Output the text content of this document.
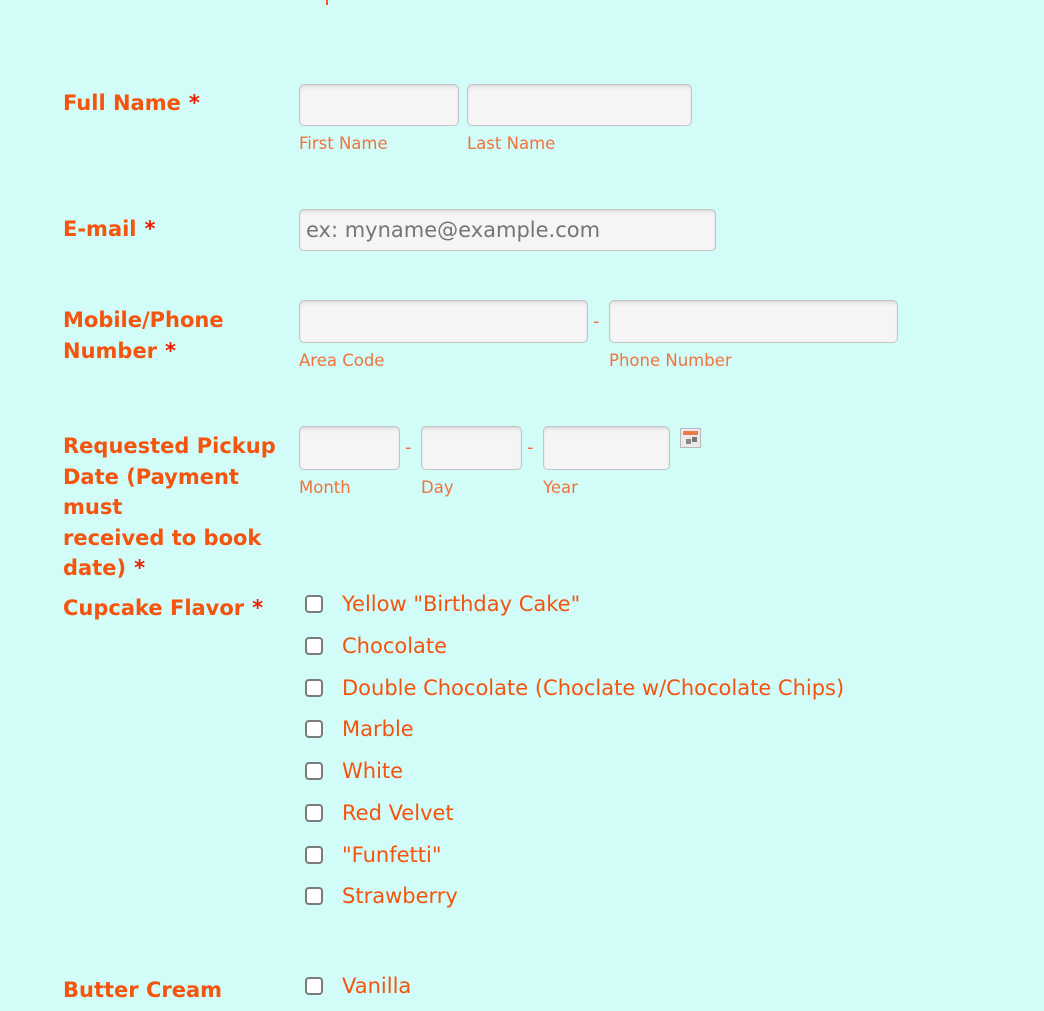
Full Name *
First Name	Last Name
E-mail *
ex: myname@example.com
Mobile/Phone
Number *
-
Area Code	Phone Number
Requested Pickup
Date (Payment must
received to book
date) *
-	-
Month	Day	Year
Cupcake Flavor *	Yellow "Birthday Cake"
Chocolate
Double Chocolate (Choclate w/Chocolate Chips)
Marble
White
Red Velvet
"Funfetti"
Strawberry
Butter Cream	Vanilla
